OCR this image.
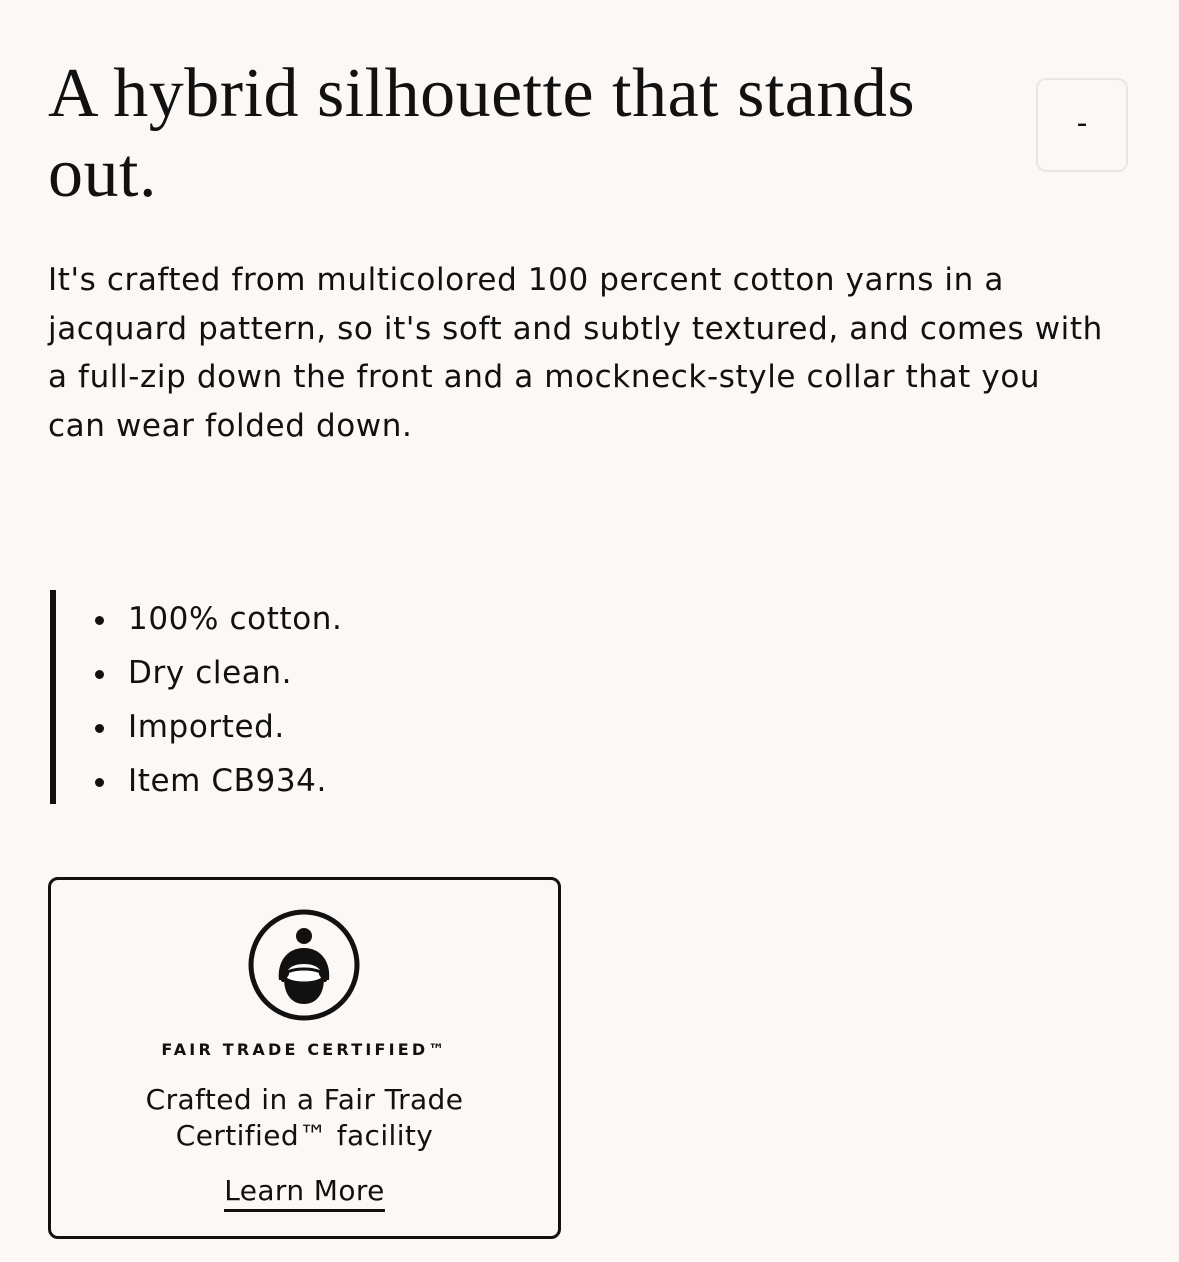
A hybrid silhouette that stands out.
-

It's crafted from multicolored 100 percent cotton yarns in a jacquard pattern, so it's soft and subtly textured, and comes with a full-zip down the front and a mockneck-style collar that you can wear folded down.

100% cotton.
Dry clean.
Imported.
Item CB934.
FAIR TRADE CERTIFIED™
Crafted in a Fair Trade Certified™ facility
Learn More
